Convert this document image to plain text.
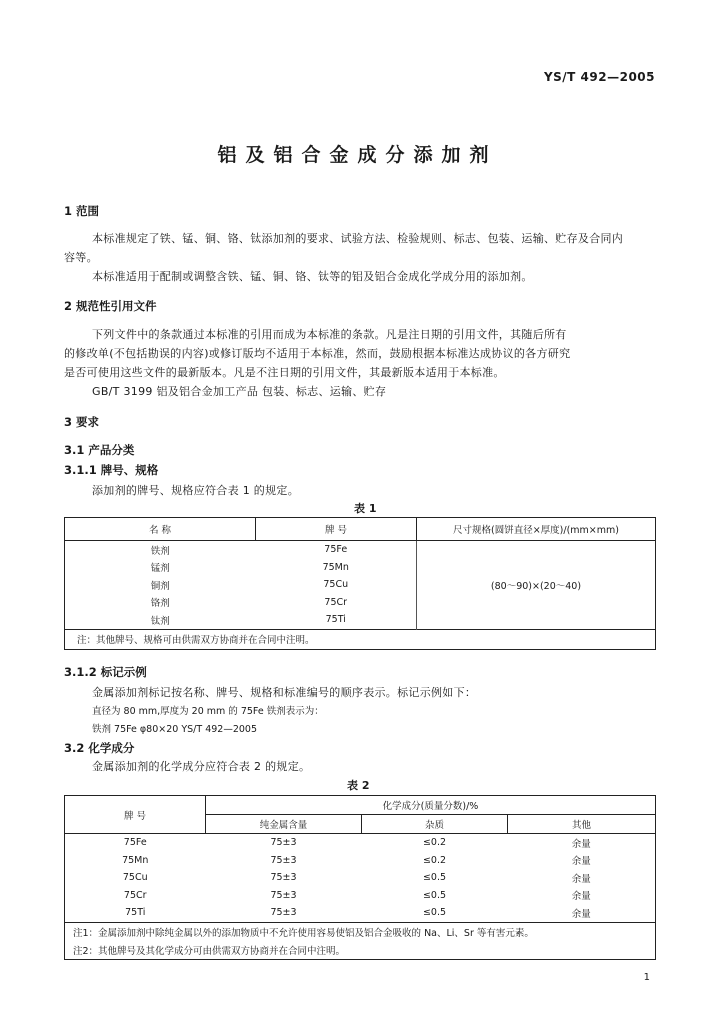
YS/T 492—2005
铝及铝合金成分添加剂
1 范围
本标准规定了铁、锰、铜、铬、钛添加剂的要求、试验方法、检验规则、标志、包装、运输、贮存及合同内
容等。
本标准适用于配制或调整含铁、锰、铜、铬、钛等的铝及铝合金成化学成分用的添加剂。
2 规范性引用文件
下列文件中的条款通过本标准的引用而成为本标准的条款。凡是注日期的引用文件，其随后所有
的修改单(不包括勘误的内容)或修订版均不适用于本标准，然而，鼓励根据本标准达成协议的各方研究
是否可使用这些文件的最新版本。凡是不注日期的引用文件，其最新版本适用于本标准。
GB/T 3199 铝及铝合金加工产品 包装、标志、运输、贮存
3 要求
3.1 产品分类
3.1.1 牌号、规格
添加剂的牌号、规格应符合表 1 的规定。
表 1
名 称	牌 号	尺寸规格(圆饼直径×厚度)/(mm×mm)
铁剂	75Fe	(80～90)×(20～40)
锰剂	75Mn	
铜剂	75Cu	
铬剂	75Cr	
钛剂	75Ti	
注：其他牌号、规格可由供需双方协商并在合同中注明。		
3.1.2 标记示例
金属添加剂标记按名称、牌号、规格和标准编号的顺序表示。标记示例如下：
直径为 80 mm,厚度为 20 mm 的 75Fe 铁剂表示为：
铁剂 75Fe φ80×20 YS/T 492—2005
3.2 化学成分
金属添加剂的化学成分应符合表 2 的规定。
表 2
牌 号	化学成分(质量分数)/%		
	纯金属含量	杂质	其他
75Fe	75±3	≤0.2	余量
75Mn	75±3	≤0.2	余量
75Cu	75±3	≤0.5	余量
75Cr	75±3	≤0.5	余量
75Ti	75±3	≤0.5	余量
注1：金属添加剂中除纯金属以外的添加物质中不允许使用容易使铝及铝合金吸收的 Na、Li、Sr 等有害元素。			
注2：其他牌号及其化学成分可由供需双方协商并在合同中注明。			
1
